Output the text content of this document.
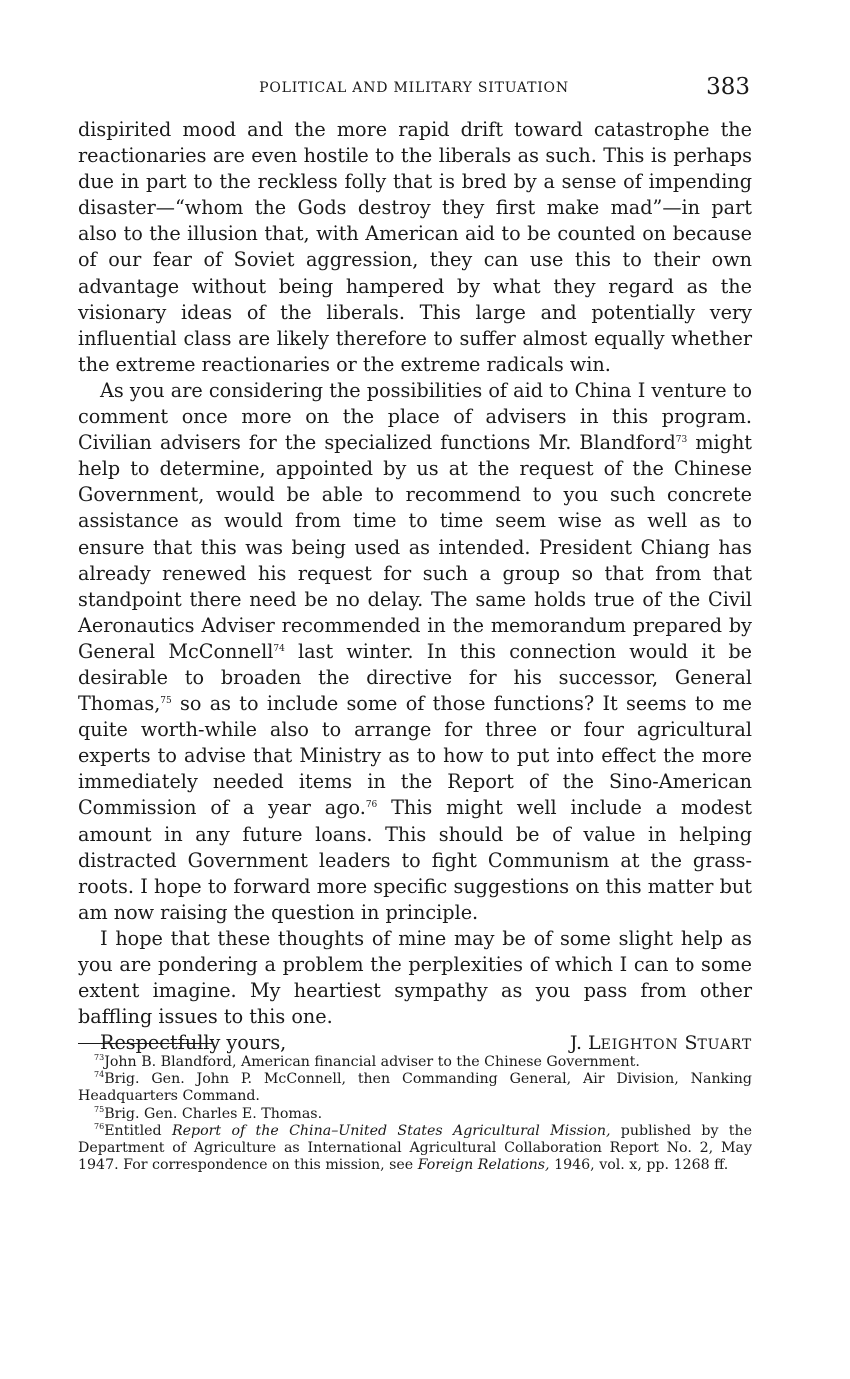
POLITICAL AND MILITARY SITUATION	383

dispirited mood and the more rapid drift toward catastrophe the reactionaries are even hostile to the liberals as such. This is perhaps due in part to the reckless folly that is bred by a sense of impending disaster—“whom the Gods destroy they first make mad”—in part also to the illusion that, with American aid to be counted on because of our fear of Soviet aggression, they can use this to their own advantage without being hampered by what they regard as the visionary ideas of the liberals. This large and potentially very influential class are likely therefore to suffer almost equally whether the extreme reactionaries or the extreme radicals win.

As you are considering the possibilities of aid to China I venture to comment once more on the place of advisers in this program. Civilian advisers for the specialized functions Mr. Blandford$^{73}$ might help to determine, appointed by us at the request of the Chinese Government, would be able to recommend to you such concrete assistance as would from time to time seem wise as well as to ensure that this was being used as intended. President Chiang has already renewed his request for such a group so that from that standpoint there need be no delay. The same holds true of the Civil Aeronautics Adviser recommended in the memorandum prepared by General McConnell$^{74}$ last winter. In this connection would it be desirable to broaden the directive for his successor, General Thomas,$^{75}$ so as to include some of those functions? It seems to me quite worth-while also to arrange for three or four agricultural experts to advise that Ministry as to how to put into effect the more immediately needed items in the Report of the Sino-American Commission of a year ago.$^{76}$ This might well include a modest amount in any future loans. This should be of value in helping distracted Government leaders to fight Communism at the grass-roots. I hope to forward more specific suggestions on this matter but am now raising the question in principle.

I hope that these thoughts of mine may be of some slight help as you are pondering a problem the perplexities of which I can to some extent imagine. My heartiest sympathy as you pass from other baffling issues to this one.

Respectfully yours,	J. LEIGHTON STUART

$^{73}$John B. Blandford, American financial adviser to the Chinese Government.

$^{74}$Brig. Gen. John P. McConnell, then Commanding General, Air Division, Nanking Headquarters Command.

$^{75}$Brig. Gen. Charles E. Thomas.

$^{76}$Entitled Report of the China–United States Agricultural Mission, published by the Department of Agriculture as International Agricultural Collaboration Report No. 2, May 1947. For correspondence on this mission, see Foreign Relations, 1946, vol. x, pp. 1268 ff.
